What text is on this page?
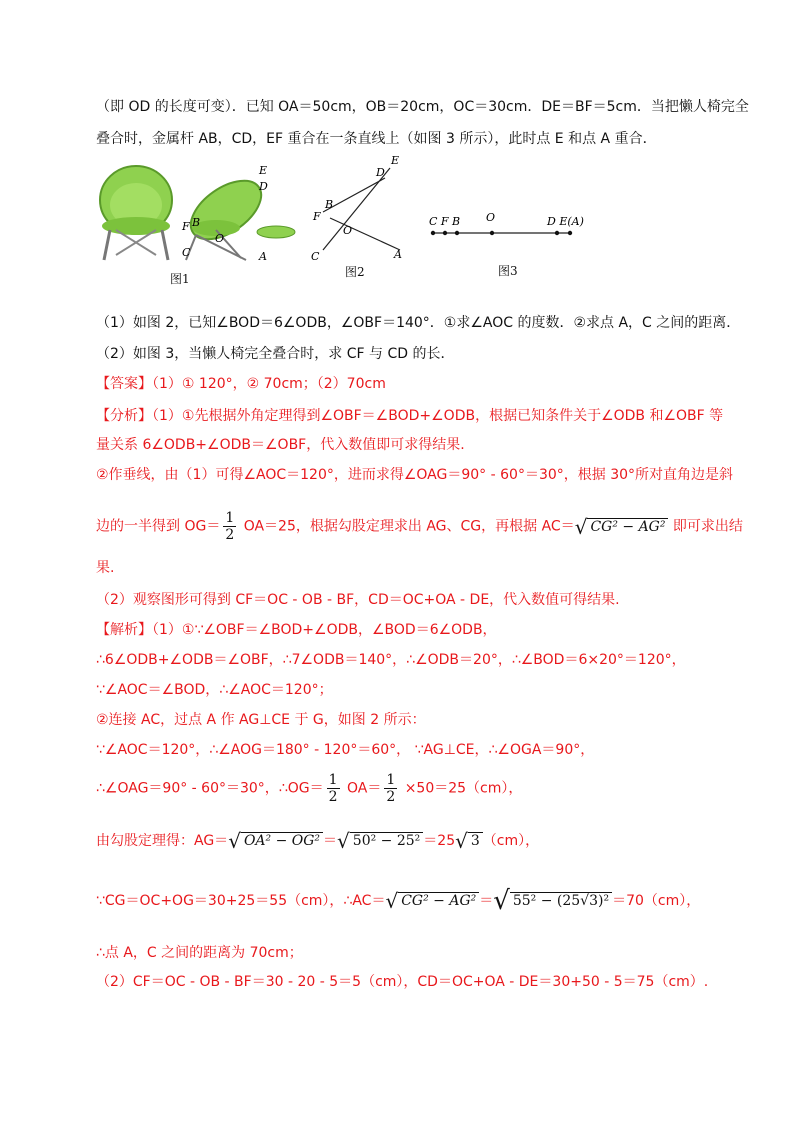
（即 OD 的长度可变）．已知 OA＝50cm，OB＝20cm，OC＝30cm．DE＝BF＝5cm．当把懒人椅完全
叠合时，金属杆 AB，CD，EF 重合在一条直线上（如图 3 所示），此时点 E 和点 A 重合．
E
D
F B
O
C	A
图1
E
D
B
F
O
C	A
图2
C F B O	D E(A)
图3
（1）如图 2，已知∠BOD＝6∠ODB，∠OBF＝140°．①求∠AOC 的度数．②求点 A，C 之间的距离．
（2）如图 3，当懒人椅完全叠合时，求 CF 与 CD 的长．
【答案】（1）① 120°，② 70cm；（2）70cm
【分析】（1）①先根据外角定理得到∠OBF＝∠BOD+∠ODB，根据已知条件关于∠ODB 和∠OBF 等
量关系 6∠ODB+∠ODB＝∠OBF，代入数值即可求得结果.
②作垂线，由（1）可得∠AOC＝120°，进而求得∠OAG＝90° - 60°＝30°，根据 30°所对直角边是斜
边的一半得到 $OG= \frac{1}{2} OA=25$，根据勾股定理求出 AG、CG，再根据 AC＝√ CG² − AG² 即可求出结
果.
（2）观察图形可得到 CF＝OC - OB - BF，CD＝OC+OA - DE，代入数值可得结果.
【解析】（1）①∵∠OBF＝∠BOD+∠ODB，∠BOD＝6∠ODB，
∴6∠ODB+∠ODB＝∠OBF，∴7∠ODB＝140°，∴∠ODB＝20°，∴∠BOD＝6×20°＝120°，
∵∠AOC＝∠BOD，∴∠AOC＝120°；
②连接 AC，过点 A 作 AG⊥CE 于 G，如图 2 所示：
∵∠AOC＝120°，∴∠AOG＝180° - 120°＝60°， ∵AG⊥CE，∴∠OGA＝90°，
∴∠OAG＝90° - 60°＝30°，∴OG＝ $\frac{1}{2} OA= \frac{1}{2} \times 50=25(cm)$，
由勾股定理得：AG＝√ OA² − OG² ＝√ 50² − 25² ＝25√ 3 （cm），
∵CG＝OC+OG＝30+25＝55（cm），∴AC＝√ CG² − AG² ＝√ 55² − (25√3)² ＝70（cm），
∴点 A，C 之间的距离为 70cm；
（2）CF＝OC - OB - BF＝30 - 20 - 5＝5（cm），CD＝OC+OA - DE＝30+50 - 5＝75（cm）.
